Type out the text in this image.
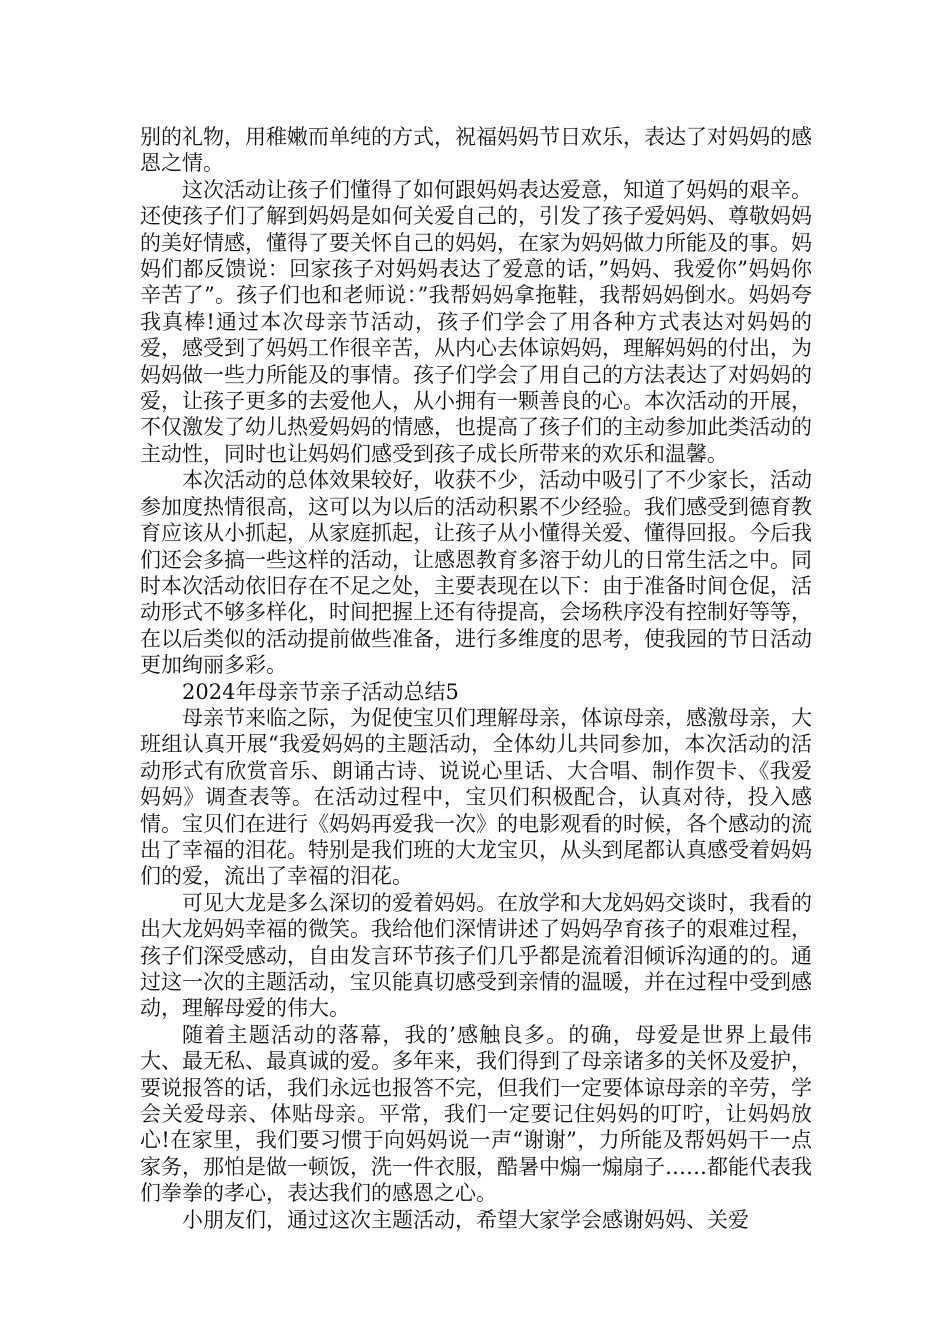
别的礼物，用稚嫩而单纯的方式，祝福妈妈节日欢乐，表达了对妈妈的感恩之情。

这次活动让孩子们懂得了如何跟妈妈表达爱意，知道了妈妈的艰辛。还使孩子们了解到妈妈是如何关爱自己的，引发了孩子爱妈妈、尊敬妈妈的美好情感，懂得了要关怀自己的妈妈，在家为妈妈做力所能及的事。妈妈们都反馈说：回家孩子对妈妈表达了爱意的话，”妈妈、我爱你”妈妈你辛苦了”。孩子们也和老师说：”我帮妈妈拿拖鞋，我帮妈妈倒水。妈妈夸我真棒!通过本次母亲节活动，孩子们学会了用各种方式表达对妈妈的爱，感受到了妈妈工作很辛苦，从内心去体谅妈妈，理解妈妈的付出，为妈妈做一些力所能及的事情。孩子们学会了用自己的方法表达了对妈妈的爱，让孩子更多的去爱他人，从小拥有一颗善良的心。本次活动的开展，不仅激发了幼儿热爱妈妈的情感，也提高了孩子们的主动参加此类活动的主动性，同时也让妈妈们感受到孩子成长所带来的欢乐和温馨。

本次活动的总体效果较好，收获不少，活动中吸引了不少家长，活动参加度热情很高，这可以为以后的活动积累不少经验。我们感受到德育教育应该从小抓起，从家庭抓起，让孩子从小懂得关爱、懂得回报。今后我们还会多搞一些这样的活动，让感恩教育多溶于幼儿的日常生活之中。同时本次活动依旧存在不足之处，主要表现在以下：由于准备时间仓促，活动形式不够多样化，时间把握上还有待提高，会场秩序没有控制好等等，在以后类似的活动提前做些准备，进行多维度的思考，使我园的节日活动更加绚丽多彩。

2024年母亲节亲子活动总结5

母亲节来临之际，为促使宝贝们理解母亲，体谅母亲，感激母亲，大班组认真开展“我爱妈妈的主题活动，全体幼儿共同参加，本次活动的活动形式有欣赏音乐、朗诵古诗、说说心里话、大合唱、制作贺卡、《我爱妈妈》调查表等。在活动过程中，宝贝们积极配合，认真对待，投入感情。宝贝们在进行《妈妈再爱我一次》的电影观看的时候，各个感动的流出了幸福的泪花。特别是我们班的大龙宝贝，从头到尾都认真感受着妈妈们的爱，流出了幸福的泪花。

可见大龙是多么深切的爱着妈妈。在放学和大龙妈妈交谈时，我看的出大龙妈妈幸福的微笑。我给他们深情讲述了妈妈孕育孩子的艰难过程，孩子们深受感动，自由发言环节孩子们几乎都是流着泪倾诉沟通的的。通过这一次的主题活动，宝贝能真切感受到亲情的温暖，并在过程中受到感动，理解母爱的伟大。

随着主题活动的落幕，我的’感触良多。的确，母爱是世界上最伟大、最无私、最真诚的爱。多年来，我们得到了母亲诸多的关怀及爱护，要说报答的话，我们永远也报答不完，但我们一定要体谅母亲的辛劳，学会关爱母亲、体贴母亲。平常，我们一定要记住妈妈的叮咛，让妈妈放心!在家里，我们要习惯于向妈妈说一声“谢谢”，力所能及帮妈妈干一点家务，那怕是做一顿饭，洗一件衣服，酷暑中煽一煽扇子……都能代表我们拳拳的孝心，表达我们的感恩之心。

小朋友们，通过这次主题活动，希望大家学会感谢妈妈、关爱
